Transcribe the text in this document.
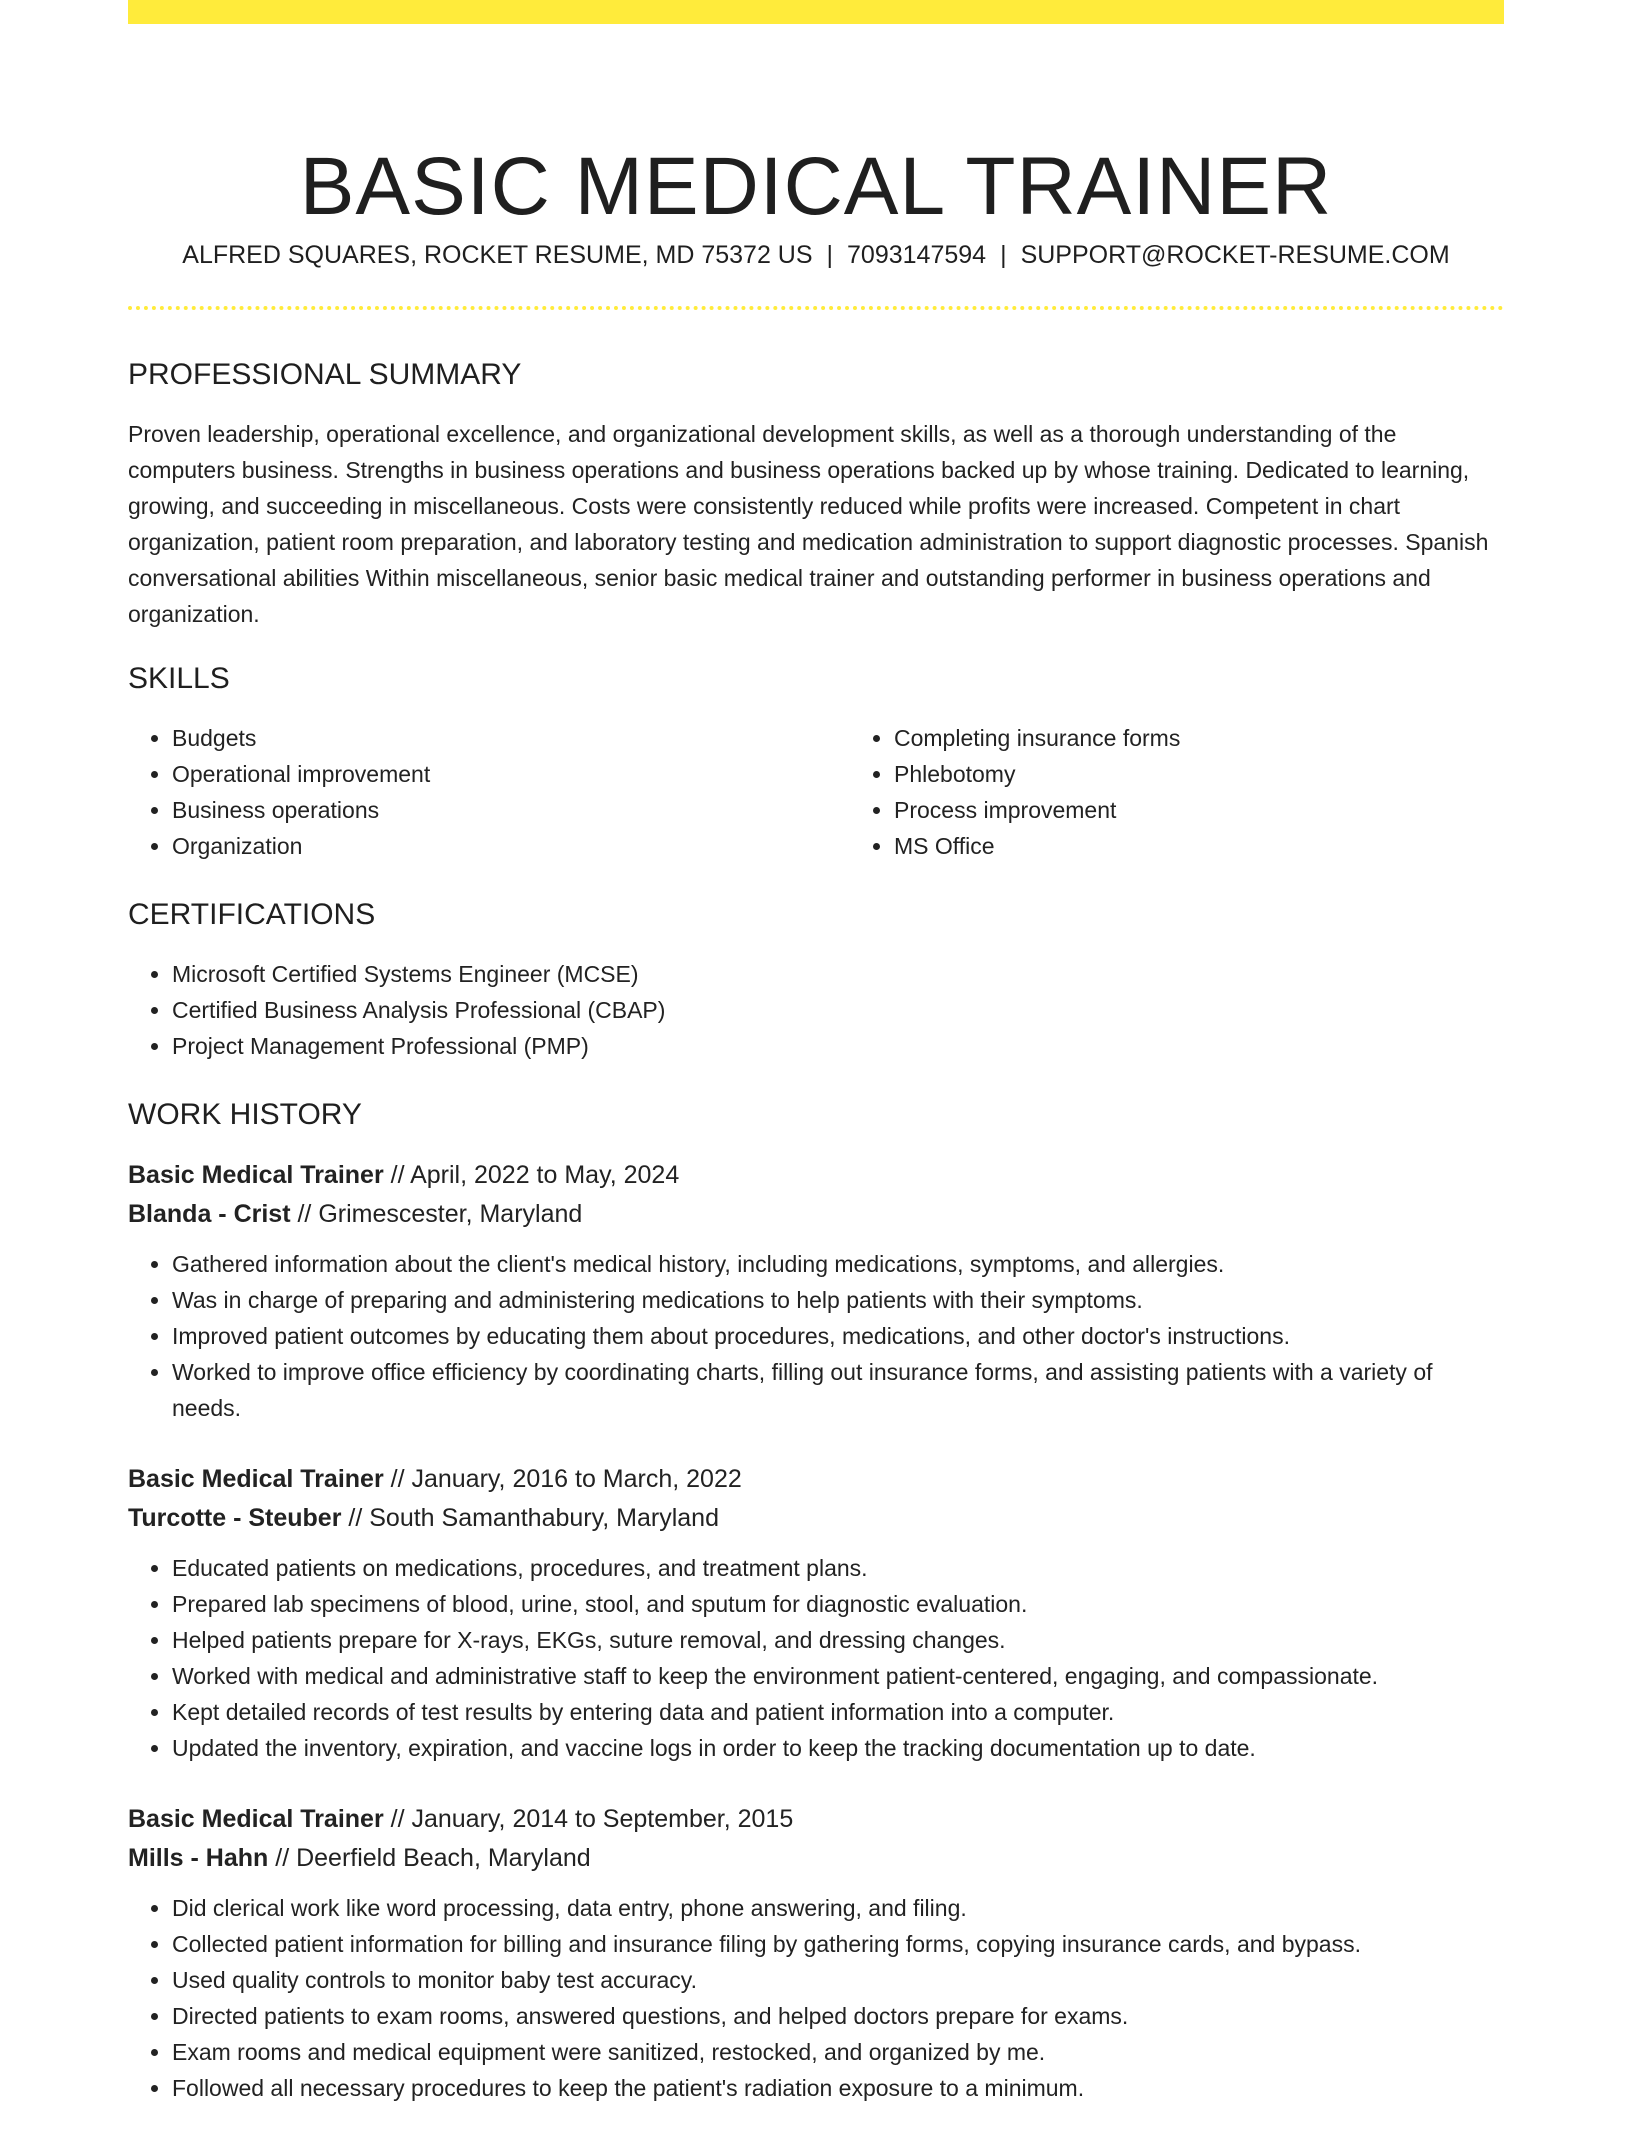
BASIC MEDICAL TRAINER
ALFRED SQUARES, ROCKET RESUME, MD 75372 US | 7093147594 | SUPPORT@ROCKET-RESUME.COM
PROFESSIONAL SUMMARY

Proven leadership, operational excellence, and organizational development skills, as well as a thorough understanding of the computers business. Strengths in business operations and business operations backed up by whose training. Dedicated to learning, growing, and succeeding in miscellaneous. Costs were consistently reduced while profits were increased. Competent in chart organization, patient room preparation, and laboratory testing and medication administration to support diagnostic processes. Spanish conversational abilities Within miscellaneous, senior basic medical trainer and outstanding performer in business operations and organization.

SKILLS
• Budgets
• Operational improvement
• Business operations
• Organization
• Completing insurance forms
• Phlebotomy
• Process improvement
• MS Office
CERTIFICATIONS
• Microsoft Certified Systems Engineer (MCSE)
• Certified Business Analysis Professional (CBAP)
• Project Management Professional (PMP)
WORK HISTORY
Basic Medical Trainer // April, 2022 to May, 2024
Blanda - Crist // Grimescester, Maryland
• Gathered information about the client's medical history, including medications, symptoms, and allergies.
• Was in charge of preparing and administering medications to help patients with their symptoms.
• Improved patient outcomes by educating them about procedures, medications, and other doctor's instructions.
• Worked to improve office efficiency by coordinating charts, filling out insurance forms, and assisting patients with a variety of needs.
Basic Medical Trainer // January, 2016 to March, 2022
Turcotte - Steuber // South Samanthabury, Maryland
• Educated patients on medications, procedures, and treatment plans.
• Prepared lab specimens of blood, urine, stool, and sputum for diagnostic evaluation.
• Helped patients prepare for X-rays, EKGs, suture removal, and dressing changes.
• Worked with medical and administrative staff to keep the environment patient-centered, engaging, and compassionate.
• Kept detailed records of test results by entering data and patient information into a computer.
• Updated the inventory, expiration, and vaccine logs in order to keep the tracking documentation up to date.
Basic Medical Trainer // January, 2014 to September, 2015
Mills - Hahn // Deerfield Beach, Maryland
• Did clerical work like word processing, data entry, phone answering, and filing.
• Collected patient information for billing and insurance filing by gathering forms, copying insurance cards, and bypass.
• Used quality controls to monitor baby test accuracy.
• Directed patients to exam rooms, answered questions, and helped doctors prepare for exams.
• Exam rooms and medical equipment were sanitized, restocked, and organized by me.
• Followed all necessary procedures to keep the patient's radiation exposure to a minimum.
